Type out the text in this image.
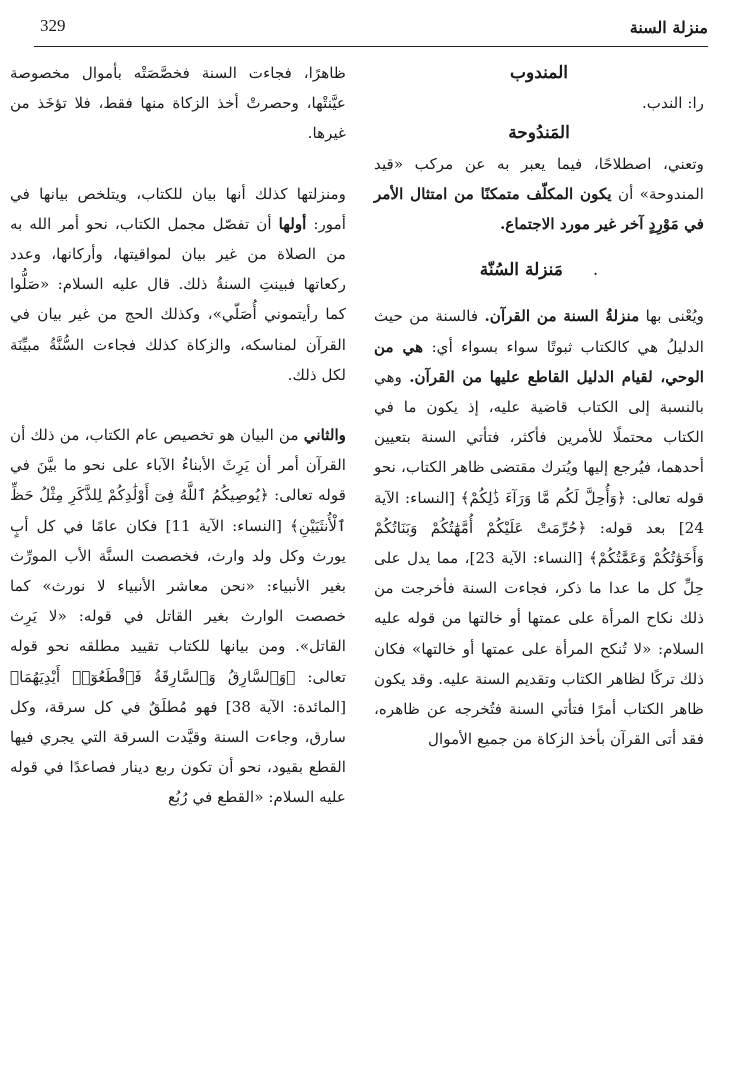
منزلة السنة
329

المندوب

را: الندب.

المَندُوحة

وتعني، اصطلاحًا، فيما يعبر به عن مركب «قيد المندوحة» أن يكون المكلّف متمكنًا من امتثال الأمر في مَوْرِدٍ آخر غير مورد الاجتماع.

.مَنزلة السُنّة

ويُعْنى بها منزلةُ السنة من القرآن. فالسنة من حيث الدليلُ هي كالكتاب ثبوتًا سواء بسواء أي: هي من الوحي، لقيام الدليل القاطع عليها من القرآن. وهي بالنسبة إلى الكتاب قاضية عليه، إذ يكون ما في الكتاب محتملًا للأمرين فأكثر، فتأتي السنة بتعيين أحدهما، فيُرجع إليها ويُترك مقتضى ظاهر الكتاب، نحو قوله تعالى: ﴿وَأُحِلَّ لَكُم مَّا وَرَآءَ ذَٰلِكُمْ﴾ [النساء: الآية 24] بعد قوله: ﴿حُرِّمَتْ عَلَيْكُمْ أُمَّهَٰتُكُمْ وَبَنَاتُكُمْ وَأَخَوَٰتُكُمْ وَعَمَّٰتُكُمْ﴾ [النساء: الآية 23]، مما يدل على حِلِّ كل ما عدا ما ذكر، فجاءت السنة فأخرجت من ذلك نكاح المرأة على عمتها أو خالتها من قوله عليه السلام: «لا تُنكح المرأة على عمتها أو خالتها» فكان ذلك تركًا لظاهر الكتاب وتقديم السنة عليه. وقد يكون ظاهر الكتاب أمرًا فتأتي السنة فتُخرجه عن ظاهره، فقد أتى القرآن بأخذ الزكاة من جميع الأموال

ظاهرًا، فجاءت السنة فخصَّصَتْه بأموال مخصوصة عيَّنتْها، وحصرتْ أخذ الزكاة منها فقط، فلا تؤخَذ من غيرها.

ومنزلتها كذلك أنها بيان للكتاب، ويتلخص بيانها في أمور: أولها أن تفصّل مجمل الكتاب، نحو أمر الله به من الصلاة من غير بيان لمواقيتها، وأركانها، وعدد ركعاتها فبينتِ السنةُ ذلك. قال عليه السلام: «صَلُّوا كما رأيتموني أُصَلّي»، وكذلك الحج من غير بيان في القرآن لمناسكه، والزكاة كذلك فجاءت السُّنَّةُ مبيِّنَة لكل ذلك.

والثاني من البيان هو تخصيص عام الكتاب، من ذلك أن القرآن أمر أن يَرِثَ الأبناءُ الآباء على نحو ما بيَّنَ في قوله تعالى: ﴿يُوصِيكُمُ ٱللَّهُ فِىٓ أَوْلَٰدِكُمْ لِلذَّكَرِ مِثْلُ حَظِّ ٱلْأُنثَيَيْنِ﴾ [النساء: الآية 11] فكان عامًا في كل أبٍ يورث وكل ولد وارث، فخصصت السنَّة الأب المورِّث بغير الأنبياء: «نحن معاشر الأنبياء لا نورث» كما خصصت الوارث بغير القاتل في قوله: «لا يَرِث القاتل». ومن بيانها للكتاب تقييد مطلقه نحو قوله تعالى: ﴿وَٱلسَّارِقُ وَٱلسَّارِقَةُ فَٱقْطَعُوٓا۟ أَيْدِيَهُمَا﴾ [المائدة: الآية 38] فهو مُطلَقٌ في كل سرقة، وكل سارق، وجاءت السنة وقيَّدت السرقة التي يجري فيها القطع بقيود، نحو أن تكون ربع دينار فصاعدًا في قوله عليه السلام: «القطع في رُبُع
